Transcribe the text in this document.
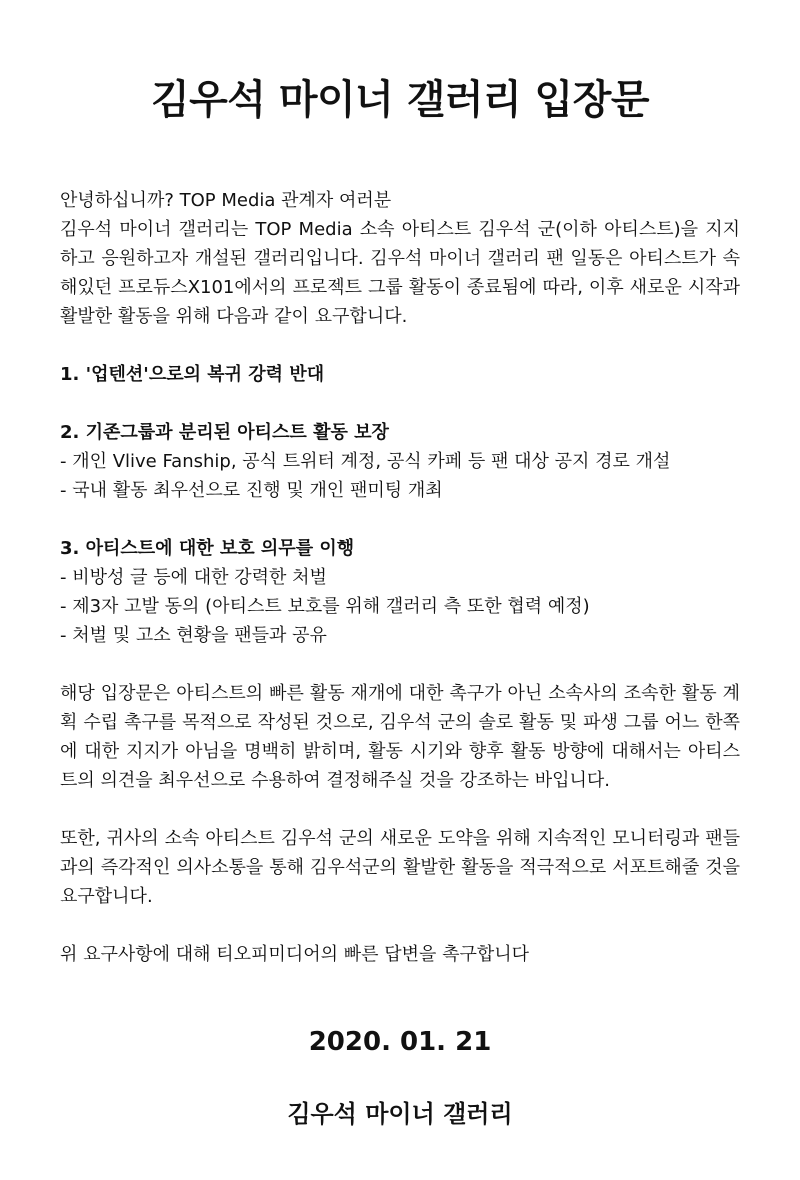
김우석 마이너 갤러리 입장문
안녕하십니까? TOP Media 관계자 여러분

김우석 마이너 갤러리는 TOP Media 소속 아티스트 김우석 군(이하 아티스트)을 지지하고 응원하고자 개설된 갤러리입니다. 김우석 마이너 갤러리 팬 일동은 아티스트가 속해있던 프로듀스X101에서의 프로젝트 그룹 활동이 종료됨에 따라, 이후 새로운 시작과 활발한 활동을 위해 다음과 같이 요구합니다.

1. '업텐션'으로의 복귀 강력 반대
2. 기존그룹과 분리된 아티스트 활동 보장
- 개인 Vlive Fanship, 공식 트위터 계정, 공식 카페 등 팬 대상 공지 경로 개설
- 국내 활동 최우선으로 진행 및 개인 팬미팅 개최
3. 아티스트에 대한 보호 의무를 이행
- 비방성 글 등에 대한 강력한 처벌
- 제3자 고발 동의 (아티스트 보호를 위해 갤러리 측 또한 협력 예정)
- 처벌 및 고소 현황을 팬들과 공유

해당 입장문은 아티스트의 빠른 활동 재개에 대한 촉구가 아닌 소속사의 조속한 활동 계획 수립 촉구를 목적으로 작성된 것으로, 김우석 군의 솔로 활동 및 파생 그룹 어느 한쪽에 대한 지지가 아님을 명백히 밝히며, 활동 시기와 향후 활동 방향에 대해서는 아티스트의 의견을 최우선으로 수용하여 결정해주실 것을 강조하는 바입니다.

또한, 귀사의 소속 아티스트 김우석 군의 새로운 도약을 위해 지속적인 모니터링과 팬들과의 즉각적인 의사소통을 통해 김우석군의 활발한 활동을 적극적으로 서포트해줄 것을 요구합니다.

위 요구사항에 대해 티오피미디어의 빠른 답변을 촉구합니다
2020. 01. 21
김우석 마이너 갤러리
